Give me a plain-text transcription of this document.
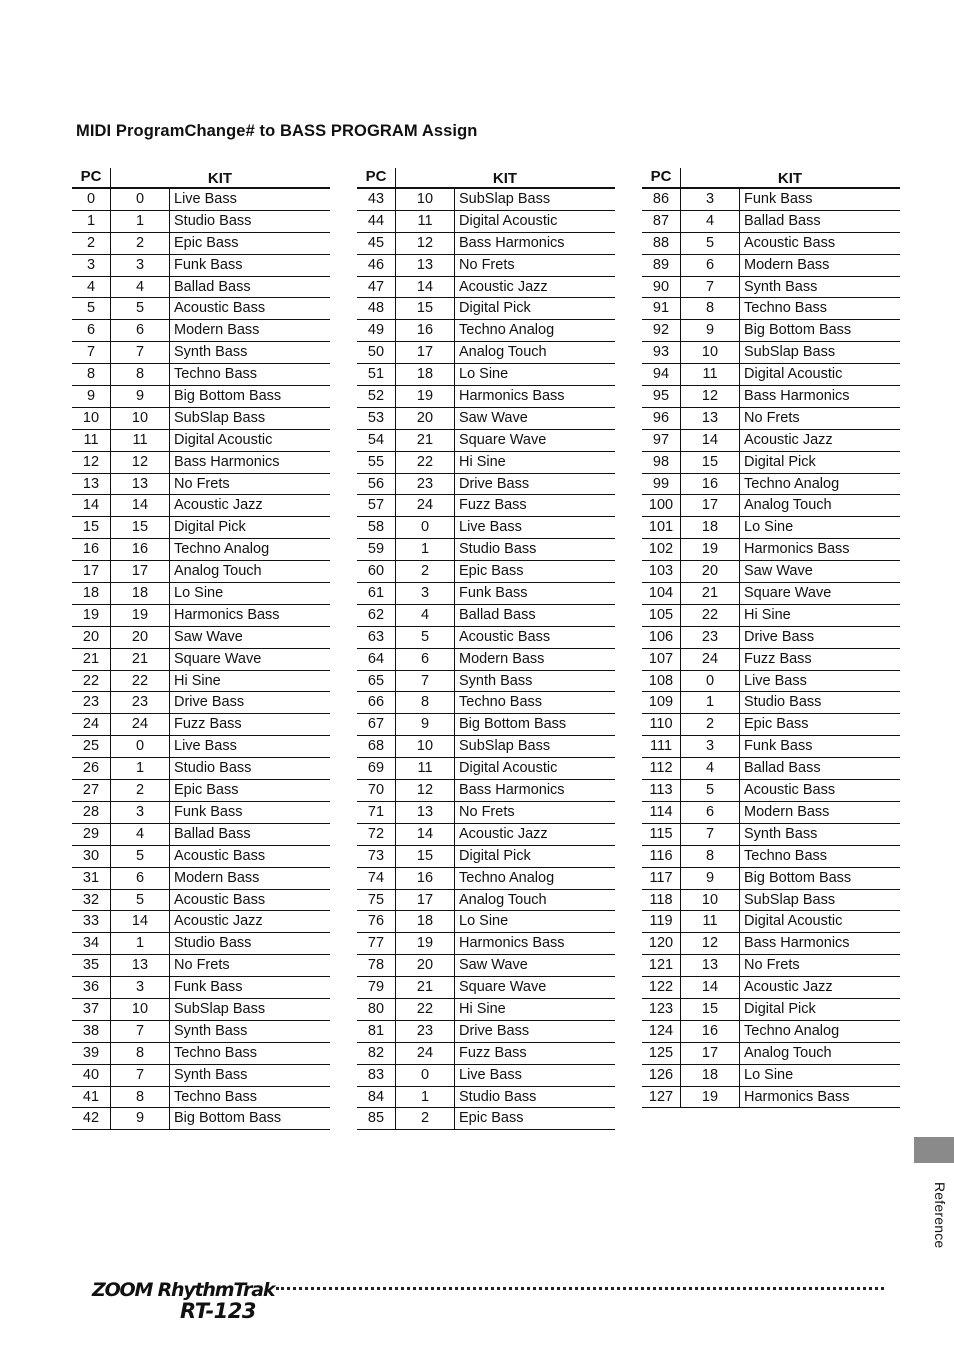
MIDI ProgramChange# to BASS PROGRAM Assign
PC	KIT
0	0	Live Bass
1	1	Studio Bass
2	2	Epic Bass
3	3	Funk Bass
4	4	Ballad Bass
5	5	Acoustic Bass
6	6	Modern Bass
7	7	Synth Bass
8	8	Techno Bass
9	9	Big Bottom Bass
10	10	SubSlap Bass
11	11	Digital Acoustic
12	12	Bass Harmonics
13	13	No Frets
14	14	Acoustic Jazz
15	15	Digital Pick
16	16	Techno Analog
17	17	Analog Touch
18	18	Lo Sine
19	19	Harmonics Bass
20	20	Saw Wave
21	21	Square Wave
22	22	Hi Sine
23	23	Drive Bass
24	24	Fuzz Bass
25	0	Live Bass
26	1	Studio Bass
27	2	Epic Bass
28	3	Funk Bass
29	4	Ballad Bass
30	5	Acoustic Bass
31	6	Modern Bass
32	5	Acoustic Bass
33	14	Acoustic Jazz
34	1	Studio Bass
35	13	No Frets
36	3	Funk Bass
37	10	SubSlap Bass
38	7	Synth Bass
39	8	Techno Bass
40	7	Synth Bass
41	8	Techno Bass
42	9	Big Bottom Bass
PC	KIT
43	10	SubSlap Bass
44	11	Digital Acoustic
45	12	Bass Harmonics
46	13	No Frets
47	14	Acoustic Jazz
48	15	Digital Pick
49	16	Techno Analog
50	17	Analog Touch
51	18	Lo Sine
52	19	Harmonics Bass
53	20	Saw Wave
54	21	Square Wave
55	22	Hi Sine
56	23	Drive Bass
57	24	Fuzz Bass
58	0	Live Bass
59	1	Studio Bass
60	2	Epic Bass
61	3	Funk Bass
62	4	Ballad Bass
63	5	Acoustic Bass
64	6	Modern Bass
65	7	Synth Bass
66	8	Techno Bass
67	9	Big Bottom Bass
68	10	SubSlap Bass
69	11	Digital Acoustic
70	12	Bass Harmonics
71	13	No Frets
72	14	Acoustic Jazz
73	15	Digital Pick
74	16	Techno Analog
75	17	Analog Touch
76	18	Lo Sine
77	19	Harmonics Bass
78	20	Saw Wave
79	21	Square Wave
80	22	Hi Sine
81	23	Drive Bass
82	24	Fuzz Bass
83	0	Live Bass
84	1	Studio Bass
85	2	Epic Bass
PC	KIT
86	3	Funk Bass
87	4	Ballad Bass
88	5	Acoustic Bass
89	6	Modern Bass
90	7	Synth Bass
91	8	Techno Bass
92	9	Big Bottom Bass
93	10	SubSlap Bass
94	11	Digital Acoustic
95	12	Bass Harmonics
96	13	No Frets
97	14	Acoustic Jazz
98	15	Digital Pick
99	16	Techno Analog
100	17	Analog Touch
101	18	Lo Sine
102	19	Harmonics Bass
103	20	Saw Wave
104	21	Square Wave
105	22	Hi Sine
106	23	Drive Bass
107	24	Fuzz Bass
108	0	Live Bass
109	1	Studio Bass
110	2	Epic Bass
111	3	Funk Bass
112	4	Ballad Bass
113	5	Acoustic Bass
114	6	Modern Bass
115	7	Synth Bass
116	8	Techno Bass
117	9	Big Bottom Bass
118	10	SubSlap Bass
119	11	Digital Acoustic
120	12	Bass Harmonics
121	13	No Frets
122	14	Acoustic Jazz
123	15	Digital Pick
124	16	Techno Analog
125	17	Analog Touch
126	18	Lo Sine
127	19	Harmonics Bass
Reference
ZOOM RhythmTrak
RT-123
